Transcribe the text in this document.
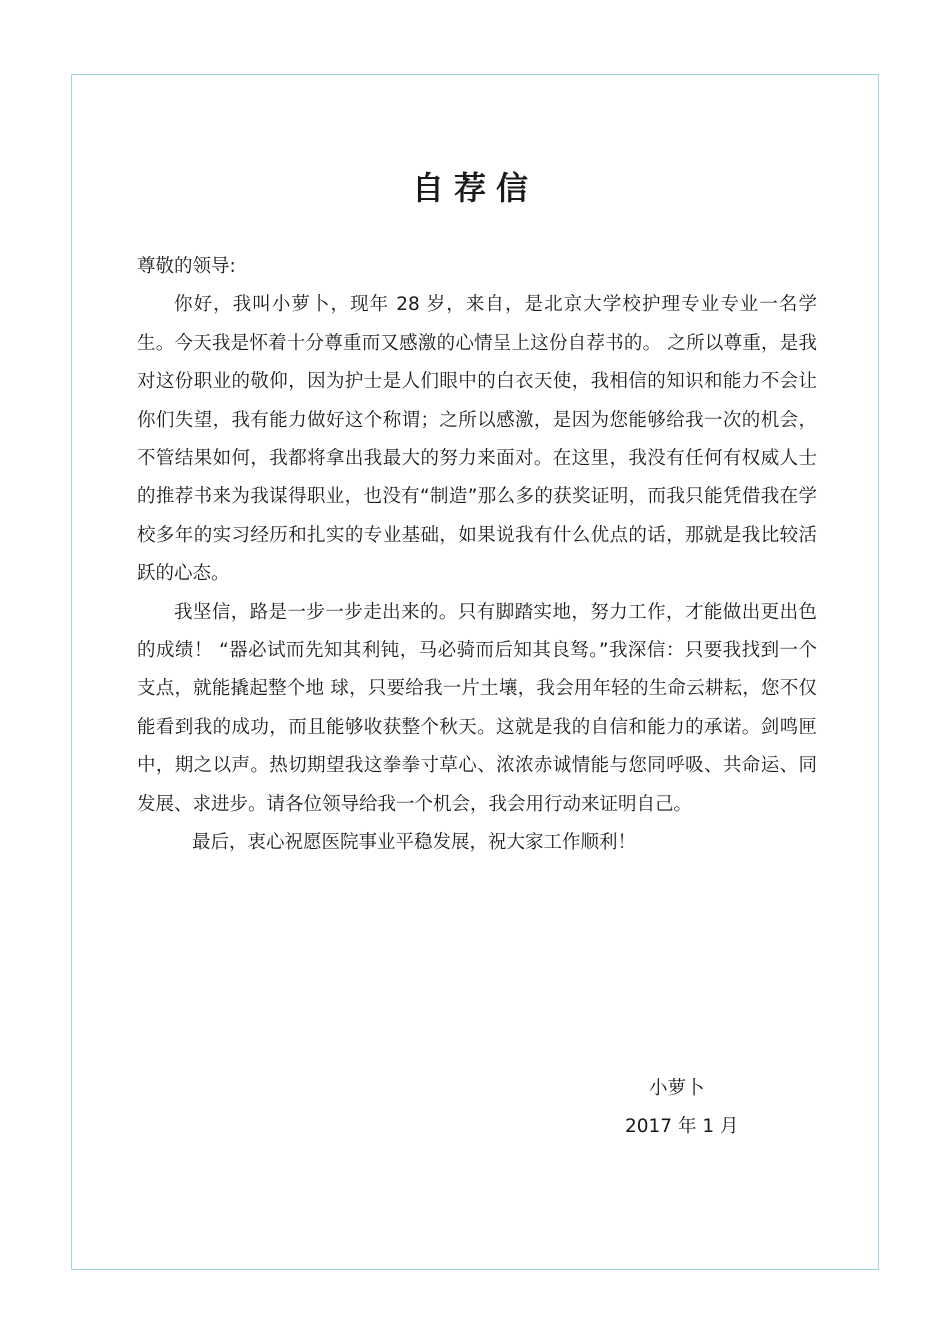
自荐信

尊敬的领导:

你好，我叫小萝卜，现年 28 岁，来自，是北京大学校护理专业专业一名学生。今天我是怀着十分尊重而又感激的心情呈上这份自荐书的。 之所以尊重，是我对这份职业的敬仰，因为护士是人们眼中的白衣天使，我相信的知识和能力不会让你们失望，我有能力做好这个称谓；之所以感激，是因为您能够给我一次的机会，不管结果如何，我都将拿出我最大的努力来面对。在这里，我没有任何有权威人士的推荐书来为我谋得职业，也没有“制造”那么多的获奖证明，而我只能凭借我在学校多年的实习经历和扎实的专业基础，如果说我有什么优点的话，那就是我比较活跃的心态。

我坚信，路是一步一步走出来的。只有脚踏实地，努力工作，才能做出更出色的成绩！ “器必试而先知其利钝，马必骑而后知其良驽。”我深信：只要我找到一个支点，就能撬起整个地 球，只要给我一片土壤，我会用年轻的生命云耕耘，您不仅能看到我的成功，而且能够收获整个秋天。这就是我的自信和能力的承诺。剑鸣匣中，期之以声。热切期望我这拳拳寸草心、浓浓赤诚情能与您同呼吸、共命运、同发展、求进步。请各位领导给我一个机会，我会用行动来证明自己。

最后，衷心祝愿医院事业平稳发展，祝大家工作顺利！

小萝卜
2017 年 1 月
